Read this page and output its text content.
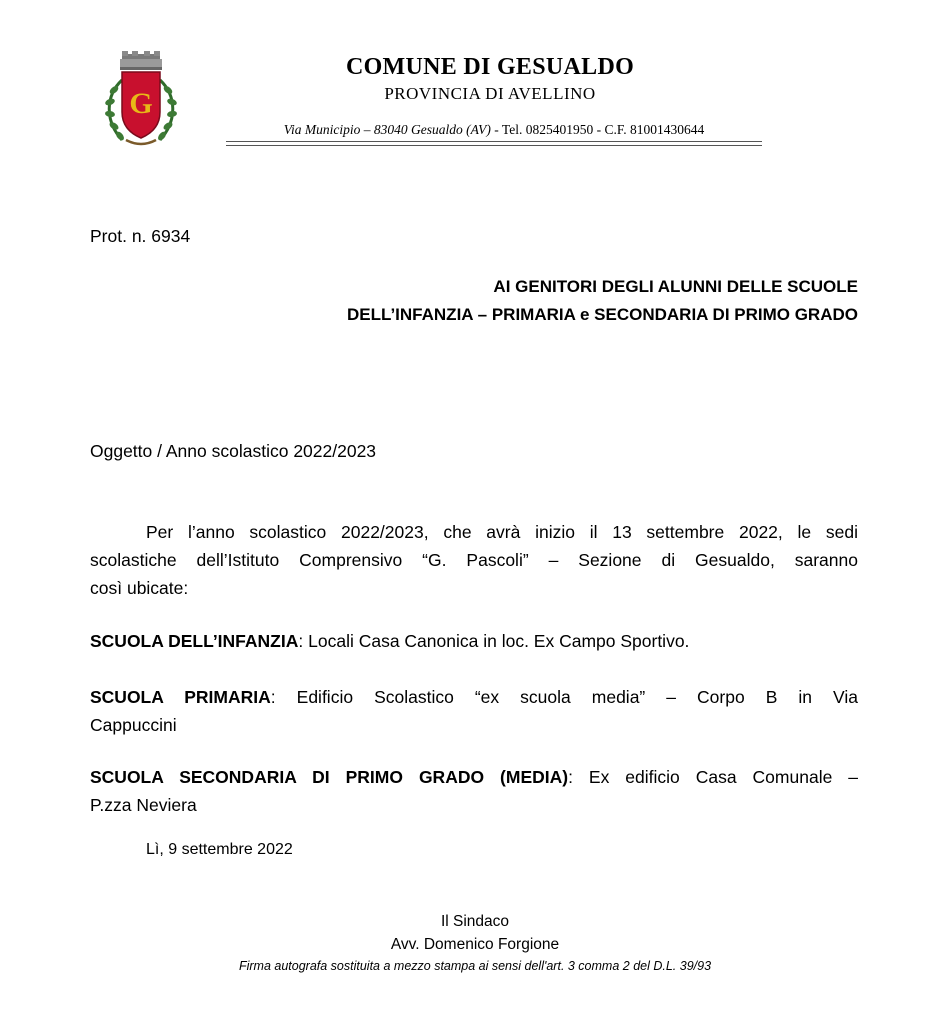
G
COMUNE DI GESUALDO
PROVINCIA DI AVELLINO
Via Municipio – 83040 Gesualdo (AV) - Tel. 0825401950 - C.F. 81001430644
Prot. n. 6934
AI GENITORI DEGLI ALUNNI DELLE SCUOLE
DELL’INFANZIA – PRIMARIA e SECONDARIA DI PRIMO GRADO
Oggetto / Anno scolastico 2022/2023
Per l’anno scolastico 2022/2023, che avrà inizio il 13 settembre 2022, le sedi
scolastiche dell’Istituto Comprensivo “G. Pascoli” – Sezione di Gesualdo, saranno
così ubicate:
SCUOLA DELL’INFANZIA: Locali Casa Canonica in loc. Ex Campo Sportivo.
SCUOLA PRIMARIA: Edificio Scolastico “ex scuola media” – Corpo B in Via
Cappuccini
SCUOLA SECONDARIA DI PRIMO GRADO (MEDIA): Ex edificio Casa Comunale –
P.zza Neviera
Lì, 9 settembre 2022
Il Sindaco
Avv. Domenico Forgione
Firma autografa sostituita a mezzo stampa ai sensi dell'art. 3 comma 2 del D.L. 39/93
